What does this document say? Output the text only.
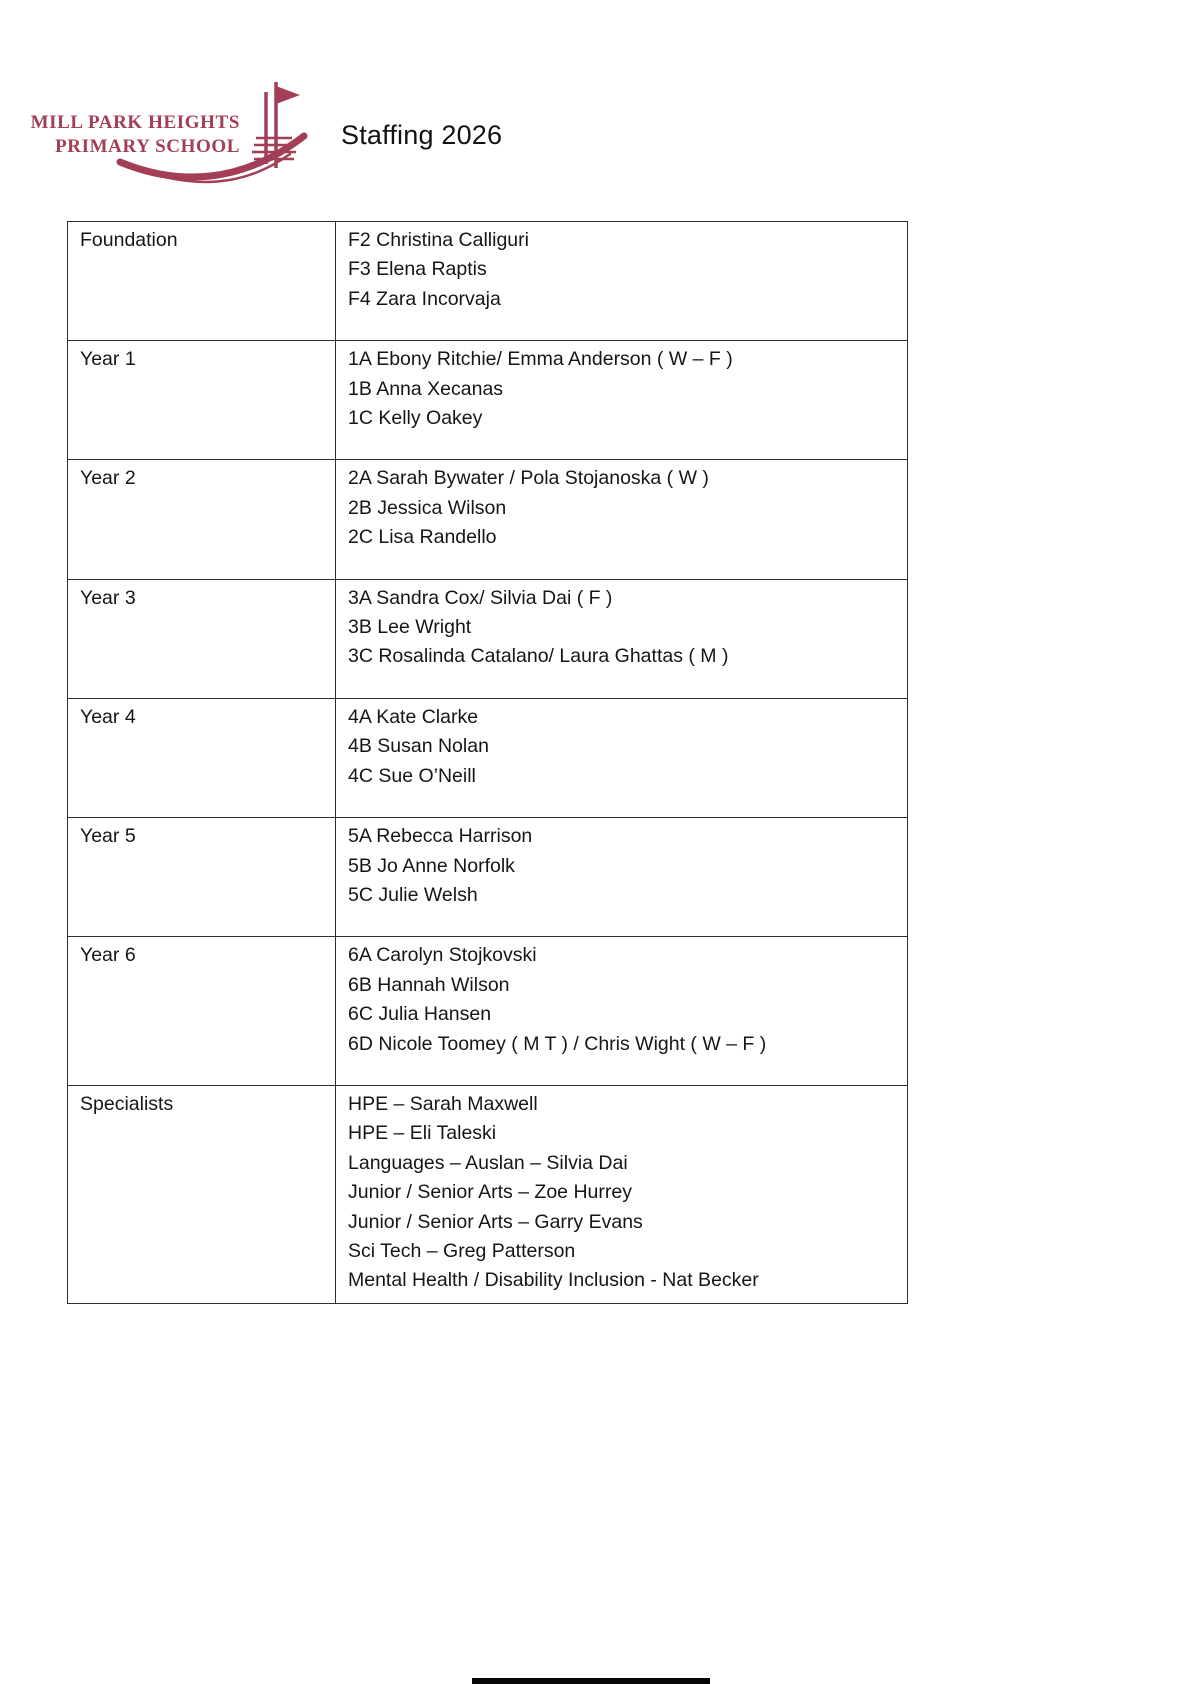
MILL PARK HEIGHTS
PRIMARY SCHOOL	Staffing 2026
Foundation	F2 Christina Calliguri
F3 Elena Raptis
F4 Zara Incorvaja

Year 1	1A Ebony Ritchie/ Emma Anderson ( W – F )
1B Anna Xecanas
1C Kelly Oakey

Year 2	2A Sarah Bywater / Pola Stojanoska ( W )
2B Jessica Wilson
2C Lisa Randello

Year 3	3A Sandra Cox/ Silvia Dai ( F )
3B Lee Wright
3C Rosalinda Catalano/ Laura Ghattas ( M )

Year 4	4A Kate Clarke
4B Susan Nolan
4C Sue O’Neill

Year 5	5A Rebecca Harrison
5B Jo Anne Norfolk
5C Julie Welsh

Year 6	6A Carolyn Stojkovski
6B Hannah Wilson
6C Julia Hansen
6D Nicole Toomey ( M T ) / Chris Wight ( W – F )

Specialists	HPE – Sarah Maxwell
HPE – Eli Taleski
Languages – Auslan – Silvia Dai
Junior / Senior Arts – Zoe Hurrey
Junior / Senior Arts – Garry Evans
Sci Tech – Greg Patterson
Mental Health / Disability Inclusion - Nat Becker
